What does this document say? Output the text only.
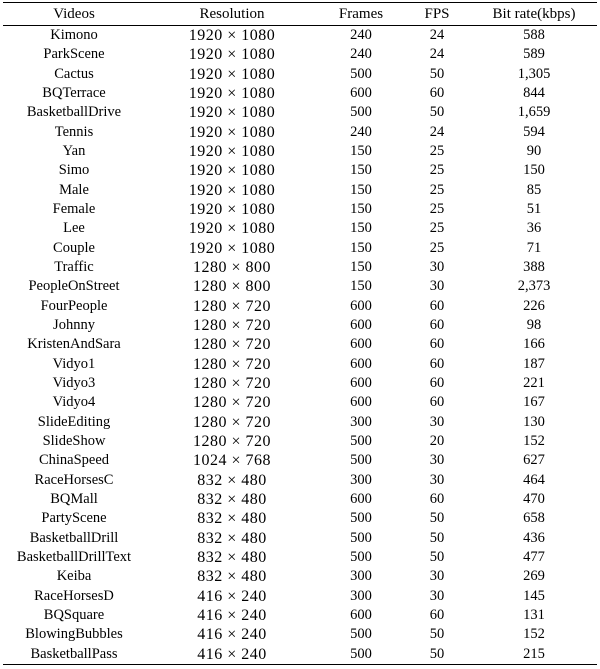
Videos	Resolution	Frames	FPS	Bit rate(kbps)
Kimono	1920 × 1080	240	24	588
ParkScene	1920 × 1080	240	24	589
Cactus	1920 × 1080	500	50	1,305
BQTerrace	1920 × 1080	600	60	844
BasketballDrive	1920 × 1080	500	50	1,659
Tennis	1920 × 1080	240	24	594
Yan	1920 × 1080	150	25	90
Simo	1920 × 1080	150	25	150
Male	1920 × 1080	150	25	85
Female	1920 × 1080	150	25	51
Lee	1920 × 1080	150	25	36
Couple	1920 × 1080	150	25	71
Traffic	1280 × 800	150	30	388
PeopleOnStreet	1280 × 800	150	30	2,373
FourPeople	1280 × 720	600	60	226
Johnny	1280 × 720	600	60	98
KristenAndSara	1280 × 720	600	60	166
Vidyo1	1280 × 720	600	60	187
Vidyo3	1280 × 720	600	60	221
Vidyo4	1280 × 720	600	60	167
SlideEditing	1280 × 720	300	30	130
SlideShow	1280 × 720	500	20	152
ChinaSpeed	1024 × 768	500	30	627
RaceHorsesC	832 × 480	300	30	464
BQMall	832 × 480	600	60	470
PartyScene	832 × 480	500	50	658
BasketballDrill	832 × 480	500	50	436
BasketballDrillText	832 × 480	500	50	477
Keiba	832 × 480	300	30	269
RaceHorsesD	416 × 240	300	30	145
BQSquare	416 × 240	600	60	131
BlowingBubbles	416 × 240	500	50	152
BasketballPass	416 × 240	500	50	215
